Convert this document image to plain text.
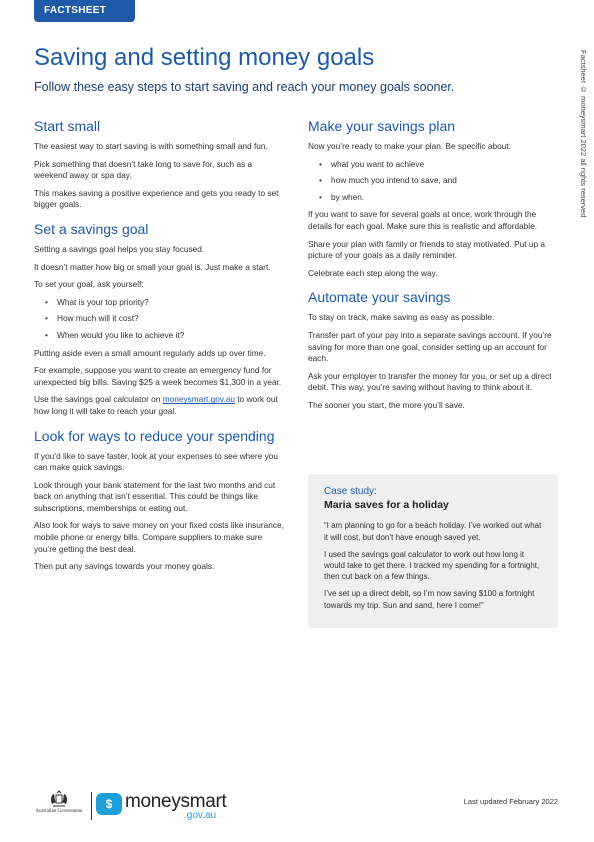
FACTSHEET
Saving and setting money goals

Follow these easy steps to start saving and reach your money goals sooner.	Factsheet © moneysmart 2022 all rights reserved
Start small

The easiest way to start saving is with something small and fun.

Pick something that doesn’t take long to save for, such as a weekend away or spa day.

This makes saving a positive experience and gets you ready to set bigger goals.

Set a savings goal

Setting a savings goal helps you stay focused.

It doesn’t matter how big or small your goal is. Just make a start.

To set your goal, ask yourself:

• What is your top priority?
• How much will it cost?
• When would you like to achieve it?

Putting aside even a small amount regularly adds up over time.

For example, suppose you want to create an emergency fund for unexpected big bills. Saving $25 a week becomes $1,300 in a year.

Use the savings goal calculator on moneysmart.gov.au to work out how long it will take to reach your goal.

Look for ways to reduce your spending

If you’d like to save faster, look at your expenses to see where you can make quick savings.

Look through your bank statement for the last two months and cut back on anything that isn’t essential. This could be things like subscriptions, memberships or eating out.

Also look for ways to save money on your fixed costs like insurance, mobile phone or energy bills. Compare suppliers to make sure you’re getting the best deal.

Then put any savings towards your money goals.

Make your savings plan

Now you’re ready to make your plan. Be specific about:

• what you want to achieve
• how much you intend to save, and
• by when.

If you want to save for several goals at once, work through the details for each goal. Make sure this is realistic and affordable.

Share your plan with family or friends to stay motivated. Put up a picture of your goals as a daily reminder.

Celebrate each step along the way.

Automate your savings

To stay on track, make saving as easy as possible.

Transfer part of your pay into a separate savings account. If you’re saving for more than one goal, consider setting up an account for each.

Ask your employer to transfer the money for you, or set up a direct debit. This way, you’re saving without having to think about it.

The sooner you start, the more you’ll save.

Case study:

Maria saves for a holiday

“I am planning to go for a beach holiday. I’ve worked out what it will cost, but don’t have enough saved yet.

I used the savings goal calculator to work out how long it would take to get there. I tracked my spending for a fortnight, then cut back on a few things.

I’ve set up a direct debit, so I’m now saving $100 a fortnight towards my trip. Sun and sand, here I come!”

Australian Government
$ moneysmart
.gov.au
Last updated February 2022
